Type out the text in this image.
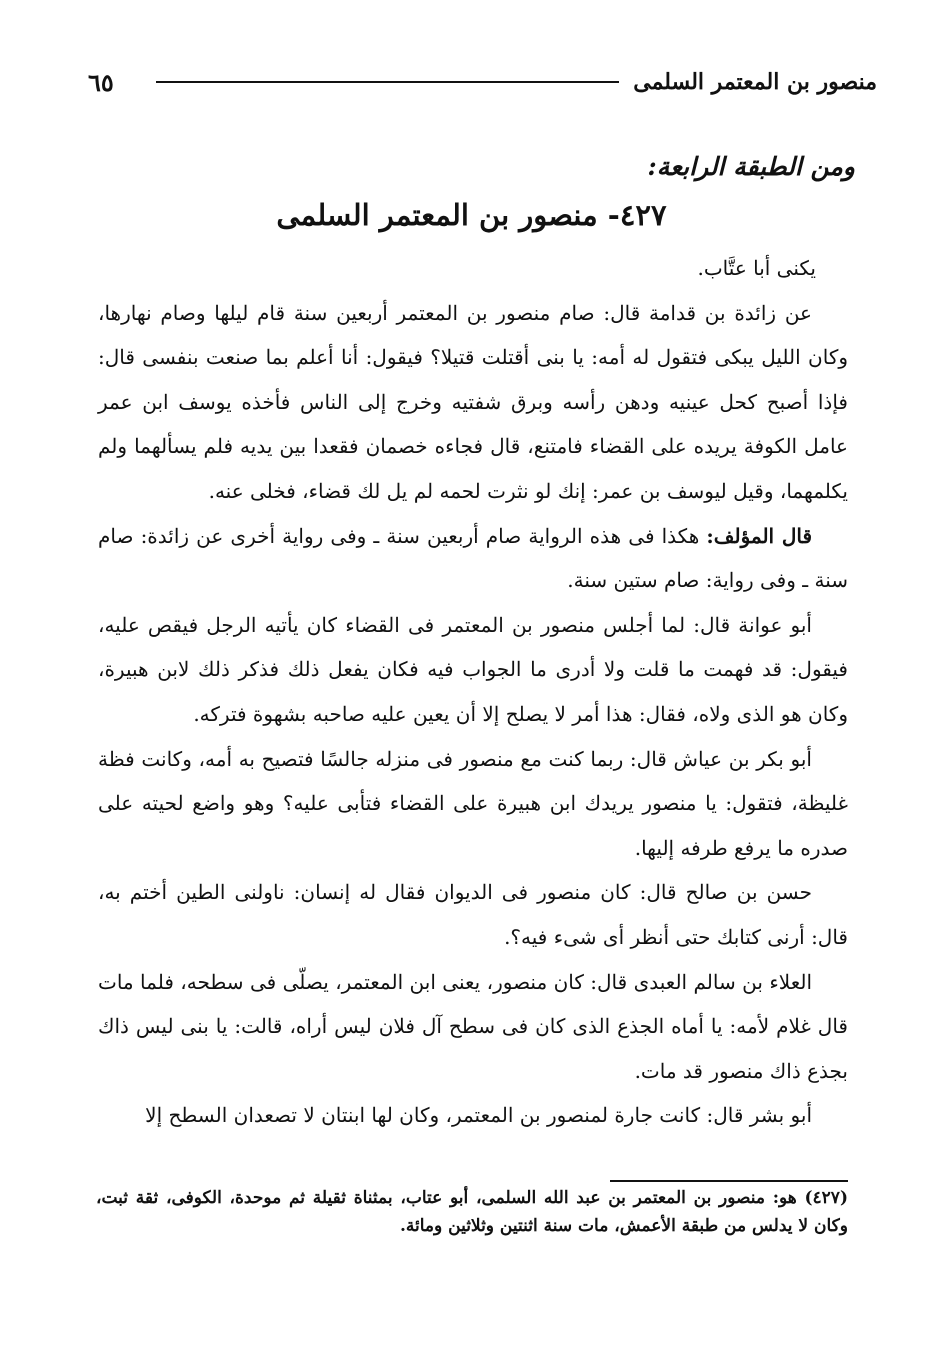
منصور بن المعتمر السلمى
٦٥
ومن الطبقة الرابعة:
٤٢٧- منصور بن المعتمر السلمى

يكنى أبا عتَّاب.

عن زائدة بن قدامة قال: صام منصور بن المعتمر أربعين سنة قام ليلها وصام نهارها، وكان الليل يبكى فتقول له أمه: يا بنى أقتلت قتيلا؟ فيقول: أنا أعلم بما صنعت بنفسى قال: فإذا أصبح كحل عينيه ودهن رأسه وبرق شفتيه وخرج إلى الناس فأخذه يوسف ابن عمر عامل الكوفة يريده على القضاء فامتنع، قال فجاءه خصمان فقعدا بين يديه فلم يسألهما ولم يكلمهما، وقيل ليوسف بن عمر: إنك لو نثرت لحمه لم يل لك قضاء، فخلى عنه.

قال المؤلف: هكذا فى هذه الرواية صام أربعين سنة ـ وفى رواية أخرى عن زائدة: صام سنة ـ وفى رواية: صام ستين سنة.

أبو عوانة قال: لما أجلس منصور بن المعتمر فى القضاء كان يأتيه الرجل فيقص عليه، فيقول: قد فهمت ما قلت ولا أدرى ما الجواب فيه فكان يفعل ذلك فذكر ذلك لابن هبيرة، وكان هو الذى ولاه، فقال: هذا أمر لا يصلح إلا أن يعين عليه صاحبه بشهوة فتركه.

أبو بكر بن عياش قال: ربما كنت مع منصور فى منزله جالسًا فتصيح به أمه، وكانت فظة غليظة، فتقول: يا منصور يريدك ابن هبيرة على القضاء فتأبى عليه؟ وهو واضع لحيته على صدره ما يرفع طرفه إليها.

حسن بن صالح قال: كان منصور فى الديوان فقال له إنسان: ناولنى الطين أختم به، قال: أرنى كتابك حتى أنظر أى شىء فيه؟.

العلاء بن سالم العبدى قال: كان منصور، يعنى ابن المعتمر، يصلّى فى سطحه، فلما مات قال غلام لأمه: يا أماه الجذع الذى كان فى سطح آل فلان ليس أراه، قالت: يا بنى ليس ذاك بجذع ذاك منصور قد مات.

أبو بشر قال: كانت جارة لمنصور بن المعتمر، وكان لها ابنتان لا تصعدان السطح إلا

(٤٢٧) هو: منصور بن المعتمر بن عبد الله السلمى، أبو عتاب، بمثناة ثقيلة ثم موحدة، الكوفى، ثقة ثبت، وكان لا يدلس من طبقة الأعمش، مات سنة اثنتين وثلاثين ومائة.
